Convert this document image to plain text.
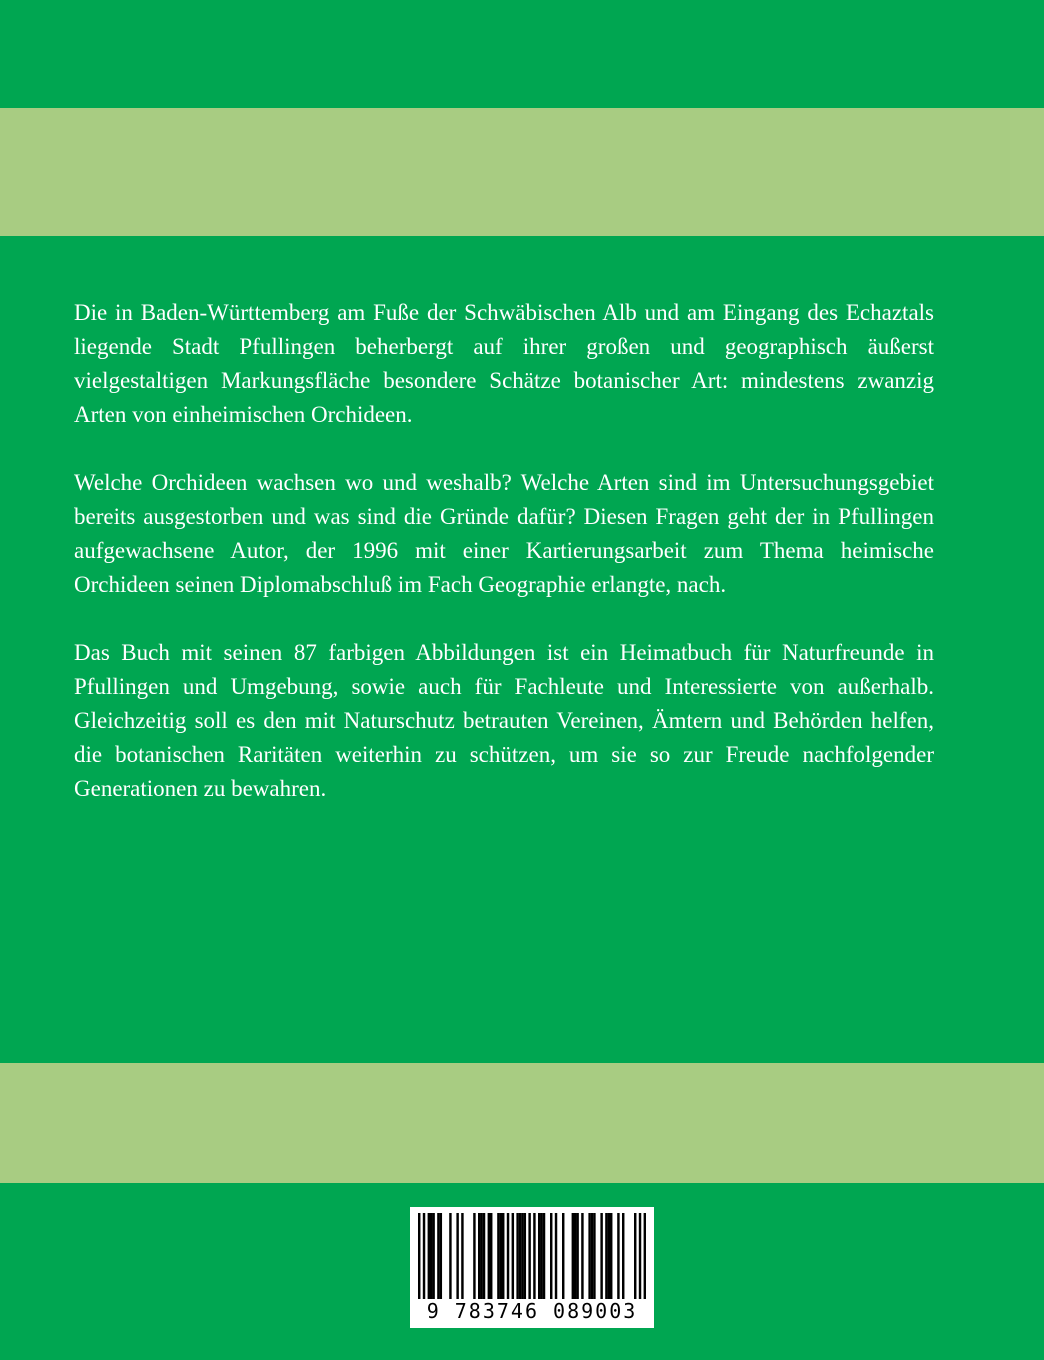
Die in Baden-Württemberg am Fuße der Schwäbischen Alb und am Eingang des Echaztals liegende Stadt Pfullingen beherbergt auf ihrer großen und geographisch äußerst vielgestaltigen Markungsfläche besondere Schätze botanischer Art: mindestens zwanzig Arten von einheimischen Orchideen.

Welche Orchideen wachsen wo und weshalb? Welche Arten sind im Untersuchungsgebiet bereits ausgestorben und was sind die Gründe dafür? Diesen Fragen geht der in Pfullingen aufgewachsene Autor, der 1996 mit einer Kartierungsarbeit zum Thema heimische Orchideen seinen Diplomabschluß im Fach Geographie erlangte, nach.

Das Buch mit seinen 87 farbigen Abbildungen ist ein Heimatbuch für Naturfreunde in Pfullingen und Umgebung, sowie auch für Fachleute und Interessierte von außerhalb. Gleichzeitig soll es den mit Naturschutz betrauten Vereinen, Ämtern und Behörden helfen, die botanischen Raritäten weiterhin zu schützen, um sie so zur Freude nachfolgender Generationen zu bewahren.

9 783746 089003
